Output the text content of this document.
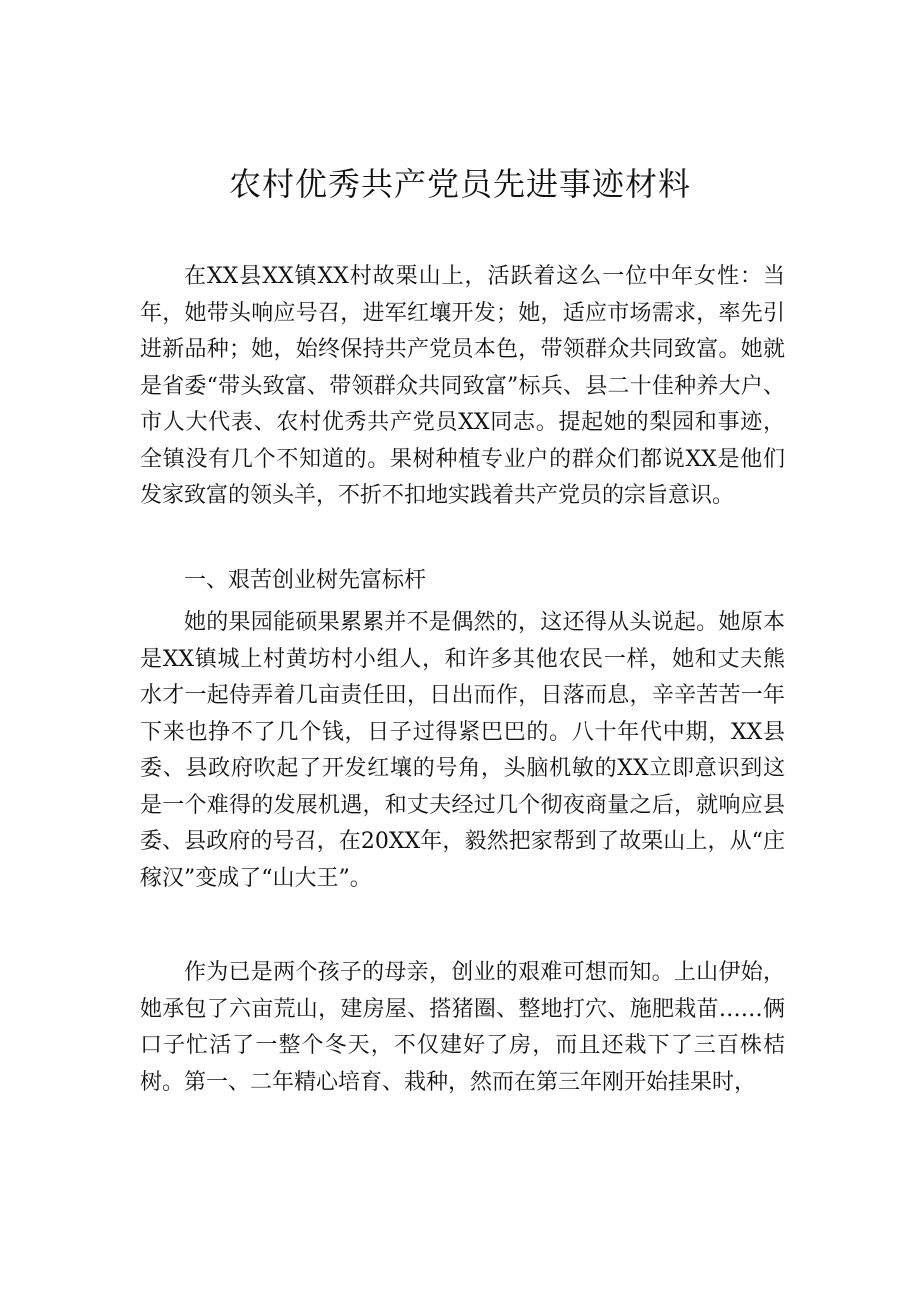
农村优秀共产党员先进事迹材料

在XX县XX镇XX村故栗山上，活跃着这么一位中年女性：当年，她带头响应号召，进军红壤开发；她，适应市场需求，率先引进新品种；她，始终保持共产党员本色，带领群众共同致富。她就是省委“带头致富、带领群众共同致富”标兵、县二十佳种养大户、市人大代表、农村优秀共产党员XX同志。提起她的梨园和事迹，全镇没有几个不知道的。果树种植专业户的群众们都说XX是他们发家致富的领头羊，不折不扣地实践着共产党员的宗旨意识。

一、艰苦创业树先富标杆

她的果园能硕果累累并不是偶然的，这还得从头说起。她原本是XX镇城上村黄坊村小组人，和许多其他农民一样，她和丈夫熊水才一起侍弄着几亩责任田，日出而作，日落而息，辛辛苦苦一年下来也挣不了几个钱，日子过得紧巴巴的。八十年代中期，XX县委、县政府吹起了开发红壤的号角，头脑机敏的XX立即意识到这是一个难得的发展机遇，和丈夫经过几个彻夜商量之后，就响应县委、县政府的号召，在20XX年，毅然把家帮到了故栗山上，从“庄稼汉”变成了“山大王”。

作为已是两个孩子的母亲，创业的艰难可想而知。上山伊始，她承包了六亩荒山，建房屋、搭猪圈、整地打穴、施肥栽苗……俩口子忙活了一整个冬天，不仅建好了房，而且还栽下了三百株桔树。第一、二年精心培育、栽种，然而在第三年刚开始挂果时，
